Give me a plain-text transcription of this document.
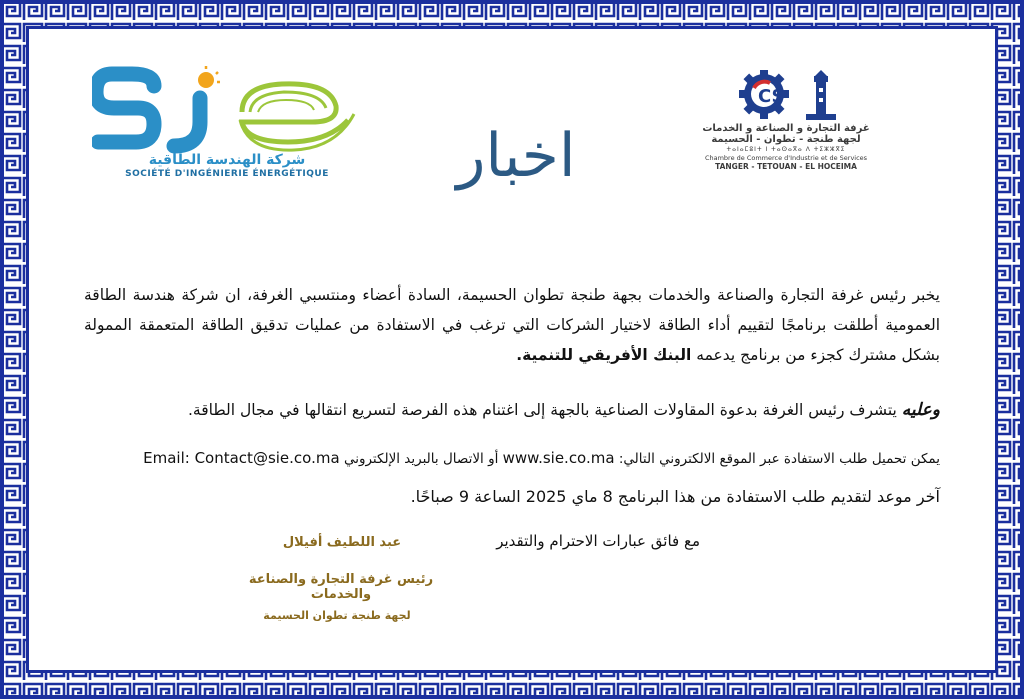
شركة الهندسة الطاقية
SOCIÉTÉ D'INGÉNIERIE ÉNERGÉTIQUE
CS
غرفة التجارة و الصناعة و الخدمات
لجهة طنجة - تطوان - الحسيمة
ⵜⴰⵏⴰⵎⵓⵏⵜ ⵏ ⵜⴰⵙⴰⴳⴰ ⴷ ⵜⵉⵣⵣⴳⵉ
Chambre de Commerce d'Industrie et de Services
TANGER - TETOUAN - EL HOCEIMA
اخبار
يخبر رئيس غرفة التجارة والصناعة والخدمات بجهة طنجة تطوان الحسيمة، السادة أعضاء ومنتسبي الغرفة، ان شركة هندسة الطاقة العمومية أطلقت برنامجًا لتقييم أداء الطاقة لاختيار الشركات التي ترغب في الاستفادة من عمليات تدقيق الطاقة المتعمقة الممولة بشكل مشترك كجزء من برنامج يدعمه البنك الأفريقي للتنمية.
وعليه يتشرف رئيس الغرفة بدعوة المقاولات الصناعية بالجهة إلى اغتنام هذه الفرصة لتسريع انتقالها في مجال الطاقة.
يمكن تحميل طلب الاستفادة عبر الموقع الالكتروني التالي: www.sie.co.ma أو الاتصال بالبريد الإلكتروني Email: Contact@sie.co.ma
آخر موعد لتقديم طلب الاستفادة من هذا البرنامج 8 ماي 2025 الساعة 9 صباحًا.
مع فائق عبارات الاحترام والتقدير
عبد اللطيف أفيلال
رئيس غرفة التجارة والصناعة والخدمات
لجهة طنجة تطوان الحسيمة
